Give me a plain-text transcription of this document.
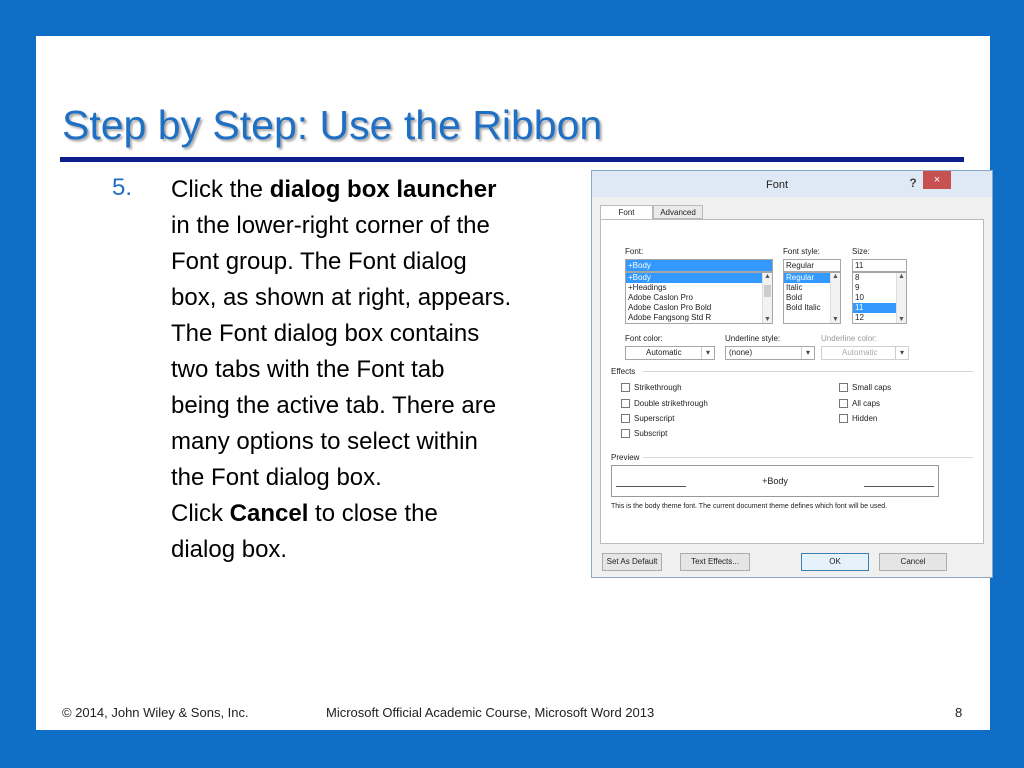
Step by Step: Use the Ribbon
5. Click the dialog box launcher

in the lower-right corner of the

Font group. The Font dialog

box, as shown at right, appears.

The Font dialog box contains

two tabs with the Font tab

being the active tab. There are

many options to select within

the Font dialog box.

Click Cancel to close the

dialog box.

Font	?	×
Font	Advanced
Font:
+Body
+Body
+Headings
Adobe Caslon Pro
Adobe Caslon Pro Bold
Adobe Fangsong Std R
▲
▼
Font style:
Regular
Regular
Italic
Bold
Bold Italic
▲
▼
Size:
11
8
9
10
11
12
▲
▼
Font color:
Automatic	▾
Underline style:
(none)	▾
Underline color:
Automatic	▾
Effects
Strikethrough
Double strikethrough
Superscript
Subscript
Small caps
All caps
Hidden
Preview
+Body
This is the body theme font. The current document theme defines which font will be used.
Set As Default	Text Effects...	OK	Cancel
© 2014, John Wiley & Sons, Inc.	Microsoft Official Academic Course, Microsoft Word 2013	8
